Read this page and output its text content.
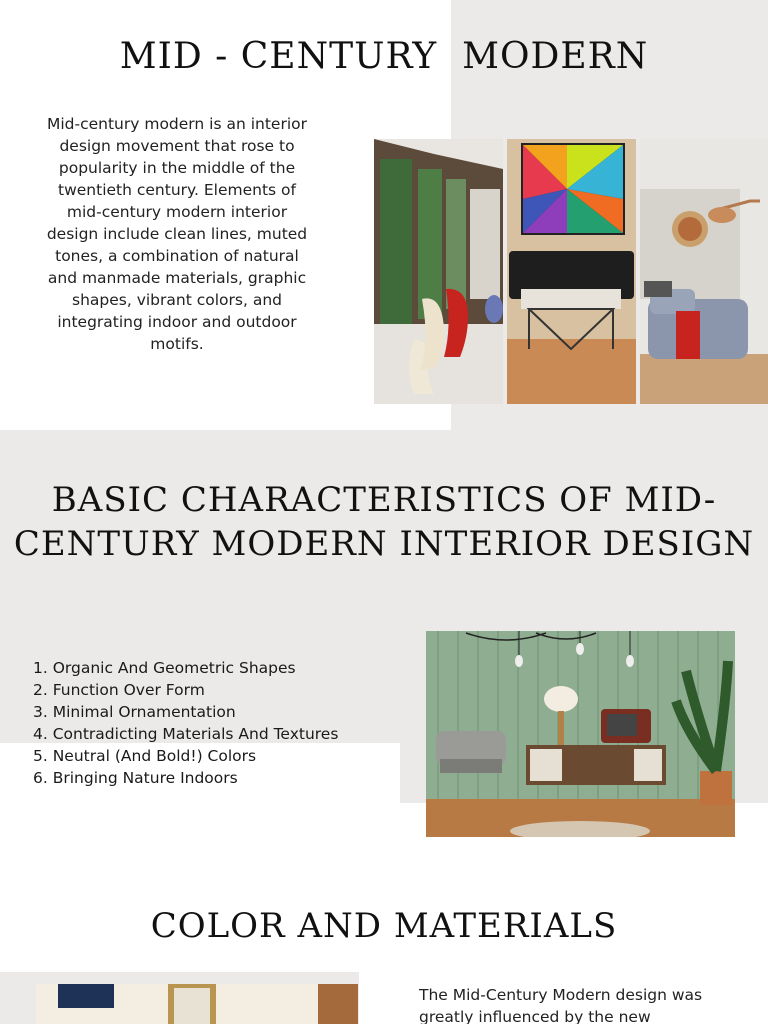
MID - CENTURY  MODERN

Mid-century modern is an interior design movement that rose to popularity in the middle of the twentieth century. Elements of mid-century modern interior design include clean lines, muted tones, a combination of natural and manmade materials, graphic shapes, vibrant colors, and integrating indoor and outdoor motifs.

BASIC CHARACTERISTICS OF MID-
CENTURY MODERN INTERIOR DESIGN
1. Organic And Geometric Shapes
2. Function Over Form
3. Minimal Ornamentation
4. Contradicting Materials And Textures
5. Neutral (And Bold!) Colors
6. Bringing Nature Indoors
COLOR AND MATERIALS

The Mid-Century Modern design was
greatly influenced by the new
